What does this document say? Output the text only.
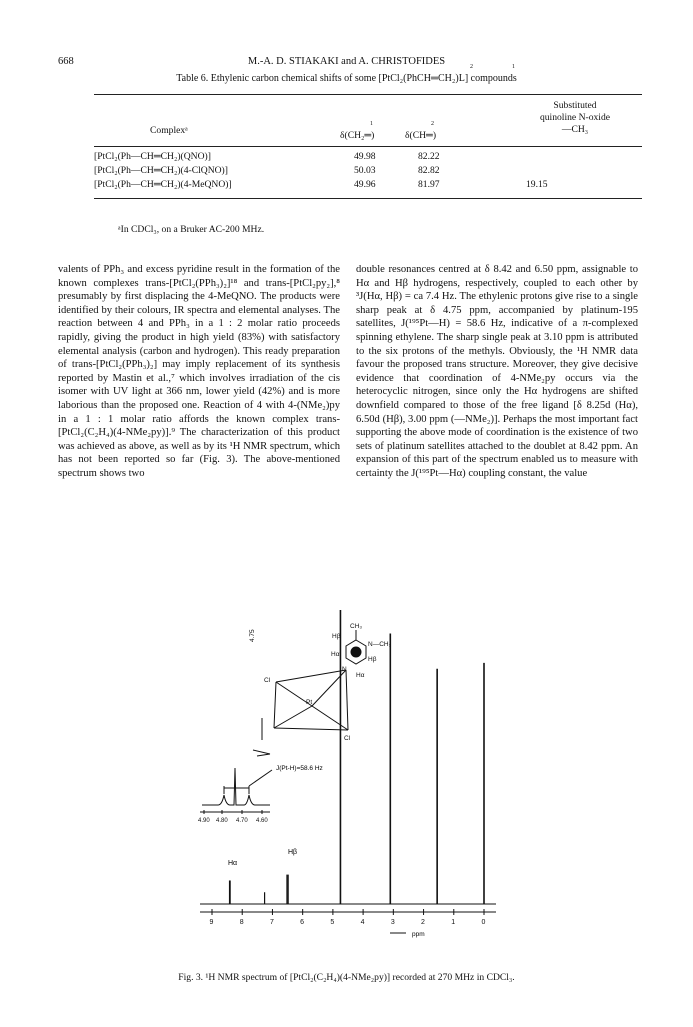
668	M.-A. D. STIAKAKI and A. CHRISTOFIDES
Table 6. Ethylenic carbon chemical shifts of some [PtCl₂(PhCH═CH₂)L] compounds
2	1
Substituted
quinoline N-oxide
—CH₃
Complexᵃ
1
δ(CH₂═)
2
δ(CH═)
[PtCl₂(Ph—CH═CH₂)(QNO)]	49.98	82.22
[PtCl₂(Ph—CH═CH₂)(4-ClQNO)]	50.03	82.82
[PtCl₂(Ph—CH═CH₂)(4-MeQNO)]	49.96	81.97	19.15
ᵃIn CDCl₃, on a Bruker AC-200 MHz.

valents of PPh₃ and excess pyridine result in the formation of the known complexes trans-[PtCl₂(PPh₃)₂]¹⁸ and trans-[PtCl₂py₂],⁸ presumably by first displacing the 4-MeQNO. The products were identified by their colours, IR spectra and elemental analyses. The reaction between 4 and PPh₃ in a 1 : 2 molar ratio proceeds rapidly, giving the product in high yield (83%) with satisfactory elemental analysis (carbon and hydrogen). This ready preparation of trans-[PtCl₂(PPh₃)₂] may imply replacement of its synthesis reported by Mastin et al.,⁷ which involves irradiation of the cis isomer with UV light at 366 nm, lower yield (42%) and is more laborious than the proposed one. Reaction of 4 with 4-(NMe₂)py in a 1 : 1 molar ratio affords the known complex trans-[PtCl₂(C₂H₄)(4-NMe₂py)].⁹ The characterization of this product was achieved as above, as well as by its ¹H NMR spectrum, which has not been reported so far (Fig. 3). The above-mentioned spectrum shows two

double resonances centred at δ 8.42 and 6.50 ppm, assignable to Hα and Hβ hydrogens, respectively, coupled to each other by ³J(Hα, Hβ) = ca 7.4 Hz. The ethylenic protons give rise to a single sharp peak at δ 4.75 ppm, accompanied by platinum-195 satellites, J(¹⁹⁵Pt—H) = 58.6 Hz, indicative of a π-complexed spinning ethylene. The sharp single peak at 3.10 ppm is attributed to the six protons of the methyls. Obviously, the ¹H NMR data favour the proposed trans structure. Moreover, they give decisive evidence that coordination of 4-NMe₂py occurs via the heterocyclic nitrogen, since only the Hα hydrogens are shifted downfield compared to those of the free ligand [δ 8.25d (Hα), 6.50d (Hβ), 3.00 ppm (—NMe₂)]. Perhaps the most important fact supporting the above mode of coordination is the existence of two sets of platinum satellites attached to the doublet at 8.42 ppm. An expansion of this part of the spectrum enabled us to measure with certainty the J(¹⁹⁵Pt—Hα) coupling constant, the value

4.75
CH₃
Hβ
N—CH₃
Hα
Hβ
N
Hα
Cl
Pt
Cl
J(Pt-H)=58.6 Hz
4.90 4.80 4.70 4.60
9	8	7	6	5	4	3	2	1	0
Hα
Hβ
ppm
Fig. 3. ¹H NMR spectrum of [PtCl₂(C₂H₄)(4-NMe₂py)] recorded at 270 MHz in CDCl₃.
